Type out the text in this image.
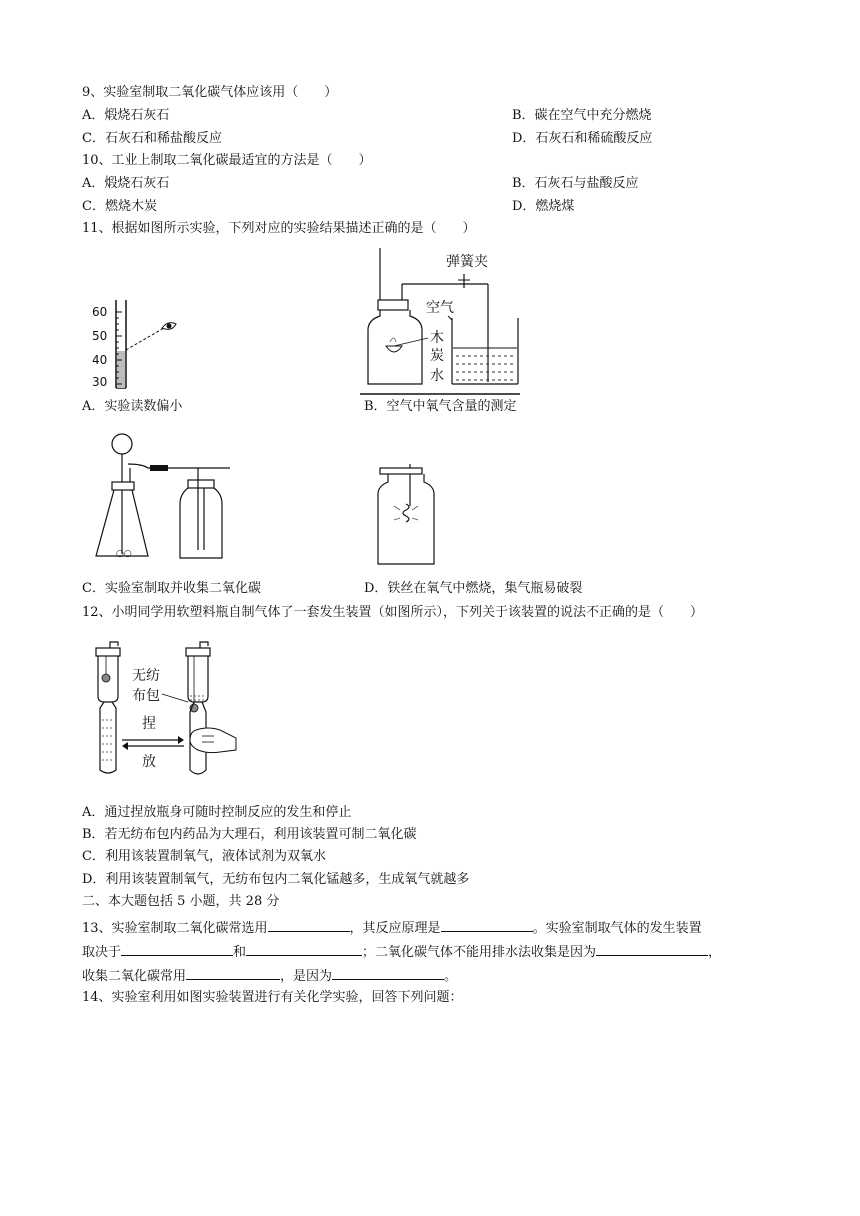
9、实验室制取二氧化碳气体应该用（　　）
A．煅烧石灰石	B．碳在空气中充分燃烧
C．石灰石和稀盐酸反应	D．石灰石和稀硫酸反应
10、工业上制取二氧化碳最适宜的方法是（　　）
A．煅烧石灰石	B．石灰石与盐酸反应
C．燃烧木炭	D．燃烧煤
11、根据如图所示实验，下列对应的实验结果描述正确的是（　　）
60
50
40
30
A．实验读数偏小
弹簧夹
空气
木
炭
水
B．空气中氧气含量的测定
○○
C．实验室制取并收集二氧化碳	D．铁丝在氧气中燃烧，集气瓶易破裂
12、小明同学用软塑料瓶自制气体了一套发生装置（如图所示），下列关于该装置的说法不正确的是（　　）
无纺
布包
捏
放
A．通过捏放瓶身可随时控制反应的发生和停止
B．若无纺布包内药品为大理石，利用该装置可制二氧化碳
C．利用该装置制氧气，液体试剂为双氧水
D．利用该装置制氧气，无纺布包内二氧化锰越多，生成氧气就越多
二、本大题包括 5 小题，共 28 分
13、实验室制取二氧化碳常选用	，其反应原理是	。实验室制取气体的发生装置
取决于	和	；二氧化碳气体不能用排水法收集是因为	，
收集二氧化碳常用	，是因为	。
14、实验室利用如图实验装置进行有关化学实验，回答下列问题：
